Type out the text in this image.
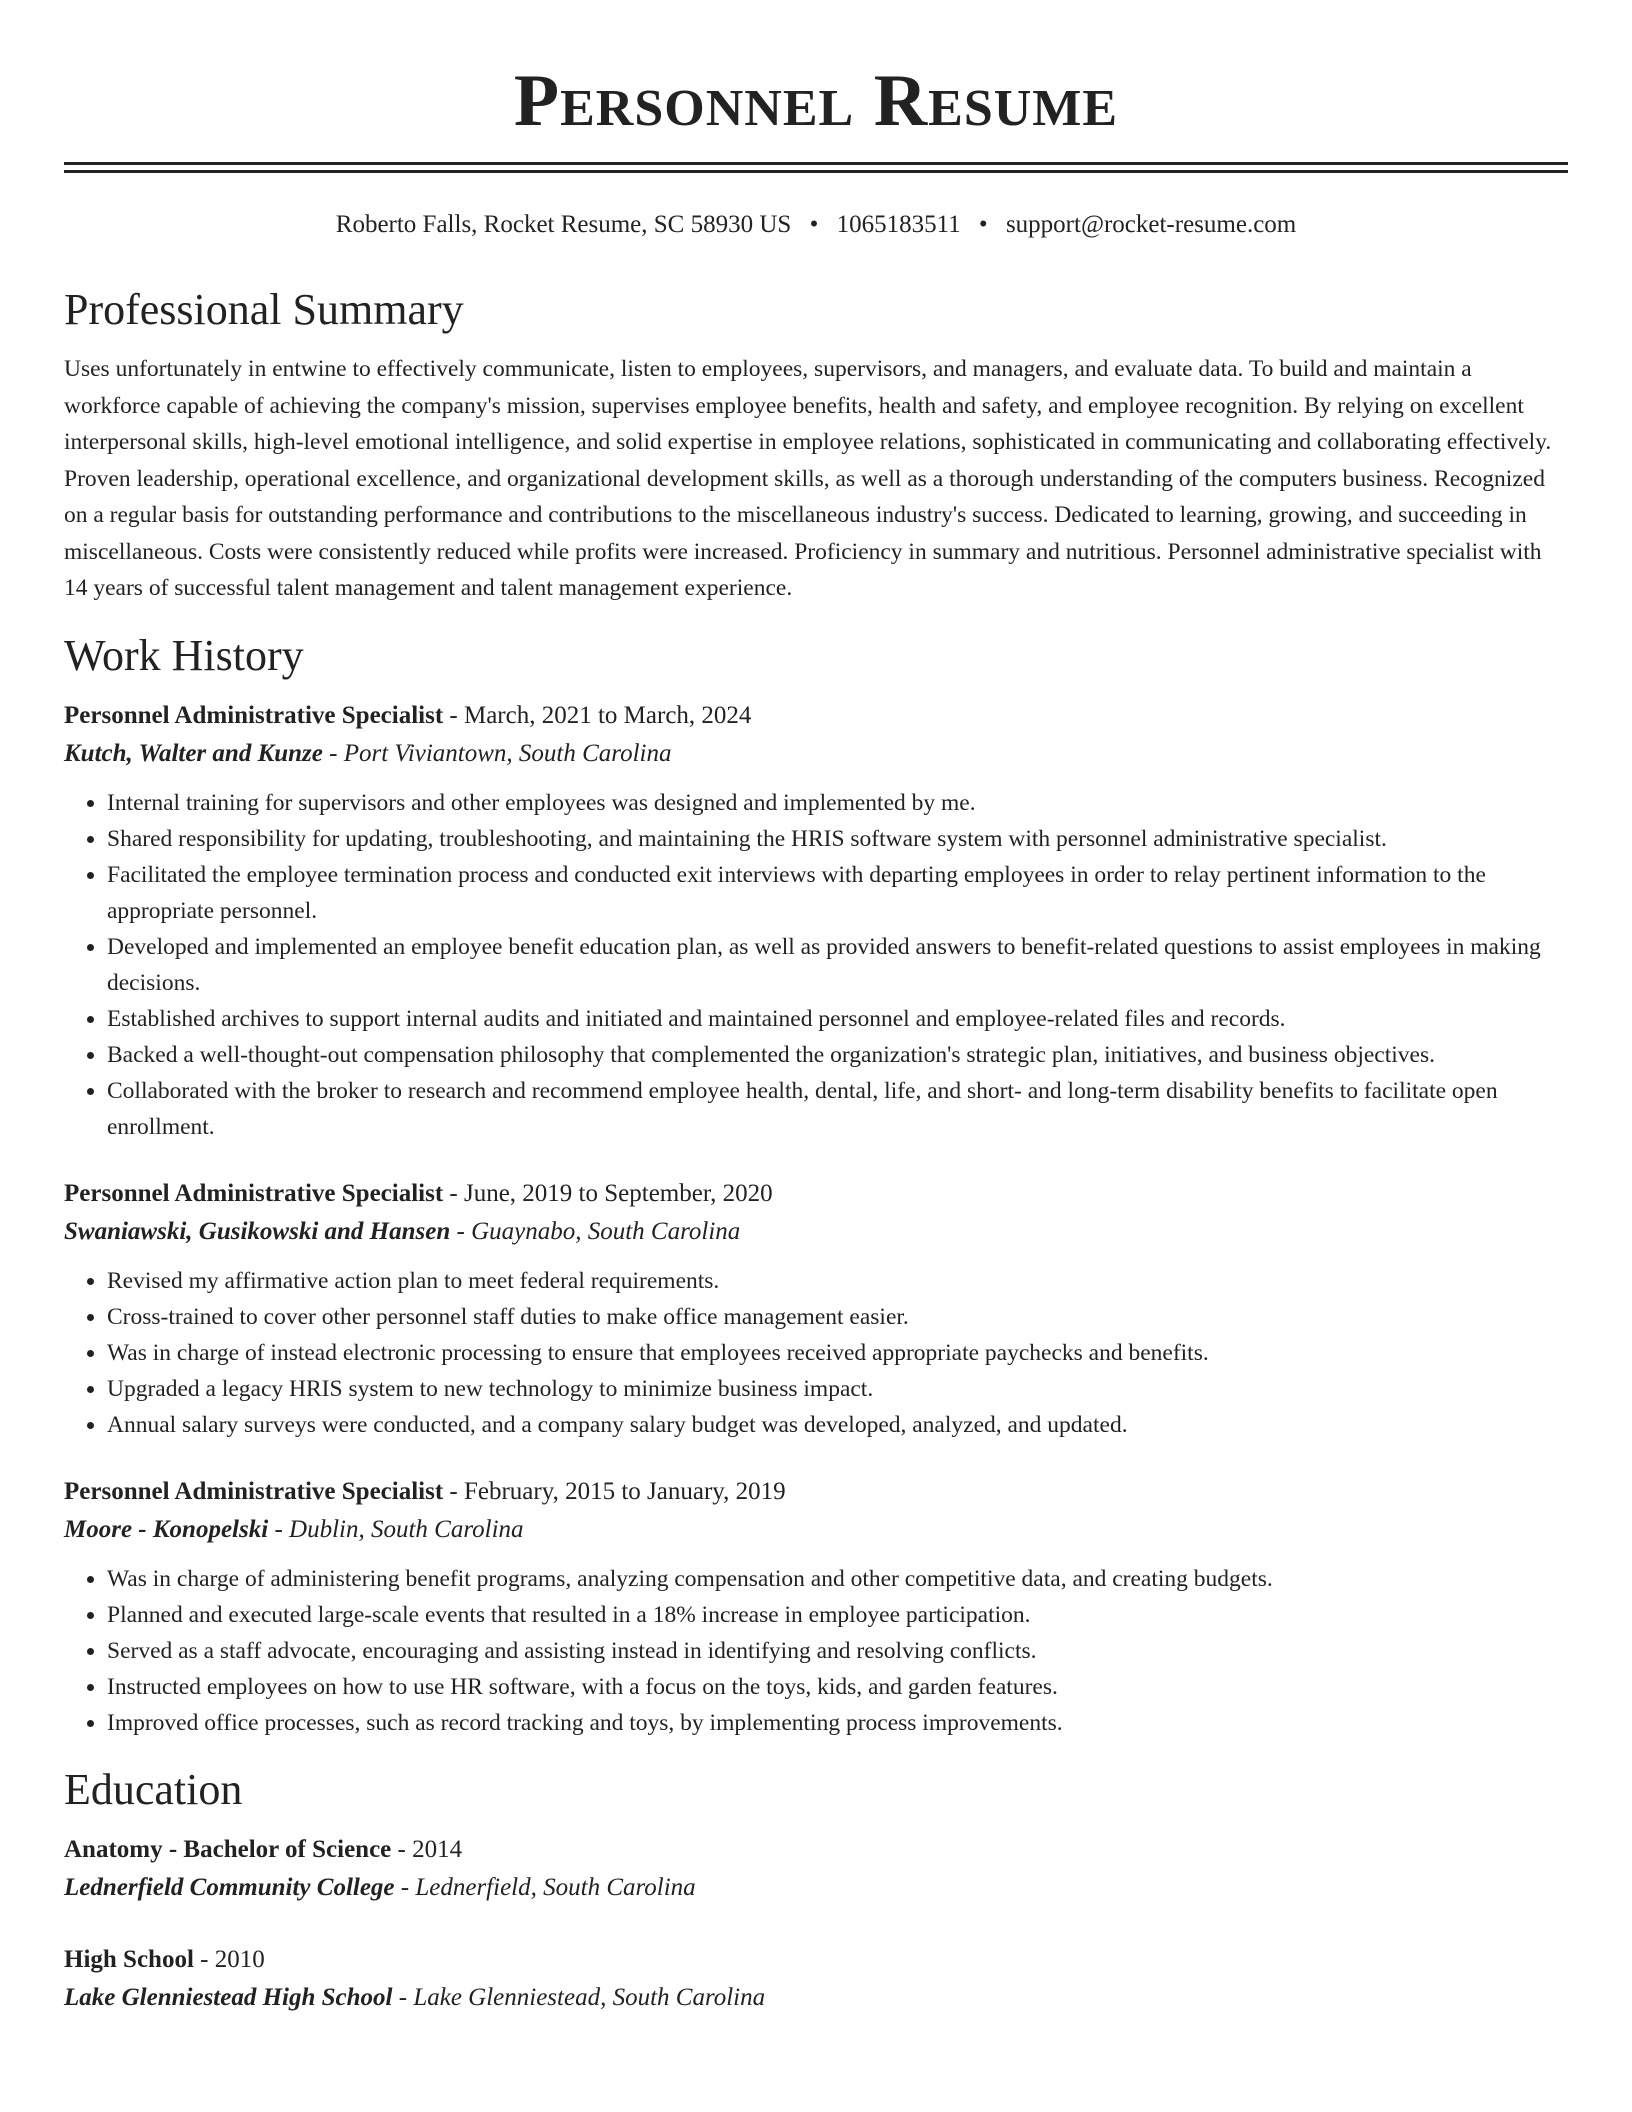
Personnel Resume
Roberto Falls, Rocket Resume, SC 58930 US • 1065183511 • support@rocket-resume.com
Professional Summary

Uses unfortunately in entwine to effectively communicate, listen to employees, supervisors, and managers, and evaluate data. To build and maintain a workforce capable of achieving the company's mission, supervises employee benefits, health and safety, and employee recognition. By relying on excellent interpersonal skills, high-level emotional intelligence, and solid expertise in employee relations, sophisticated in communicating and collaborating effectively. Proven leadership, operational excellence, and organizational development skills, as well as a thorough understanding of the computers business. Recognized on a regular basis for outstanding performance and contributions to the miscellaneous industry's success. Dedicated to learning, growing, and succeeding in miscellaneous. Costs were consistently reduced while profits were increased. Proficiency in summary and nutritious. Personnel administrative specialist with 14 years of successful talent management and talent management experience.

Work History
Personnel Administrative Specialist - March, 2021 to March, 2024
Kutch, Walter and Kunze - Port Viviantown, South Carolina
• Internal training for supervisors and other employees was designed and implemented by me.
• Shared responsibility for updating, troubleshooting, and maintaining the HRIS software system with personnel administrative specialist.
• Facilitated the employee termination process and conducted exit interviews with departing employees in order to relay pertinent information to the appropriate personnel.
• Developed and implemented an employee benefit education plan, as well as provided answers to benefit-related questions to assist employees in making decisions.
• Established archives to support internal audits and initiated and maintained personnel and employee-related files and records.
• Backed a well-thought-out compensation philosophy that complemented the organization's strategic plan, initiatives, and business objectives.
• Collaborated with the broker to research and recommend employee health, dental, life, and short- and long-term disability benefits to facilitate open enrollment.
Personnel Administrative Specialist - June, 2019 to September, 2020
Swaniawski, Gusikowski and Hansen - Guaynabo, South Carolina
• Revised my affirmative action plan to meet federal requirements.
• Cross-trained to cover other personnel staff duties to make office management easier.
• Was in charge of instead electronic processing to ensure that employees received appropriate paychecks and benefits.
• Upgraded a legacy HRIS system to new technology to minimize business impact.
• Annual salary surveys were conducted, and a company salary budget was developed, analyzed, and updated.
Personnel Administrative Specialist - February, 2015 to January, 2019
Moore - Konopelski - Dublin, South Carolina
• Was in charge of administering benefit programs, analyzing compensation and other competitive data, and creating budgets.
• Planned and executed large-scale events that resulted in a 18% increase in employee participation.
• Served as a staff advocate, encouraging and assisting instead in identifying and resolving conflicts.
• Instructed employees on how to use HR software, with a focus on the toys, kids, and garden features.
• Improved office processes, such as record tracking and toys, by implementing process improvements.
Education
Anatomy - Bachelor of Science - 2014
Lednerfield Community College - Lednerfield, South Carolina
High School - 2010
Lake Glenniestead High School - Lake Glenniestead, South Carolina
